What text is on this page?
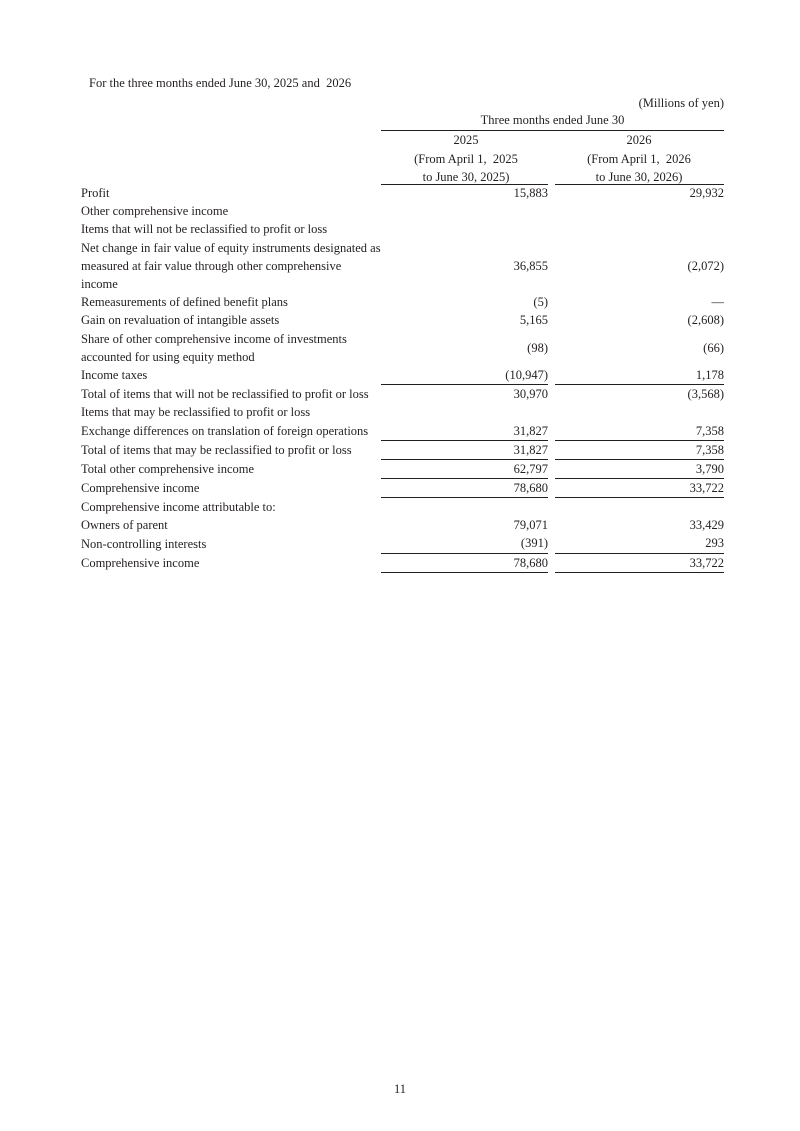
For the three months ended June 30, 2025 and  2026
(Millions of yen)
Three months ended June 30
2025
(From April 1,  2025
to June 30, 2025)
2026
(From April 1,  2026
to June 30, 2026)
Profit	15,883		29,932
Other comprehensive income			
Items that will not be reclassified to profit or loss			
Net change in fair value of equity instruments designated as measured at fair value through other comprehensive income	36,855		(2,072)
Remeasurements of defined benefit plans	(5)		—
Gain on revaluation of intangible assets	5,165		(2,608)
Share of other comprehensive income of investments accounted for using equity method	(98)		(66)
Income taxes	(10,947)		1,178
Total of items that will not be reclassified to profit or loss	30,970		(3,568)
Items that may be reclassified to profit or loss			
Exchange differences on translation of foreign operations	31,827		7,358
Total of items that may be reclassified to profit or loss	31,827		7,358
Total other comprehensive income	62,797		3,790
Comprehensive income	78,680		33,722
Comprehensive income attributable to:			
Owners of parent	79,071		33,429
Non-controlling interests	(391)		293
Comprehensive income	78,680		33,722
11
